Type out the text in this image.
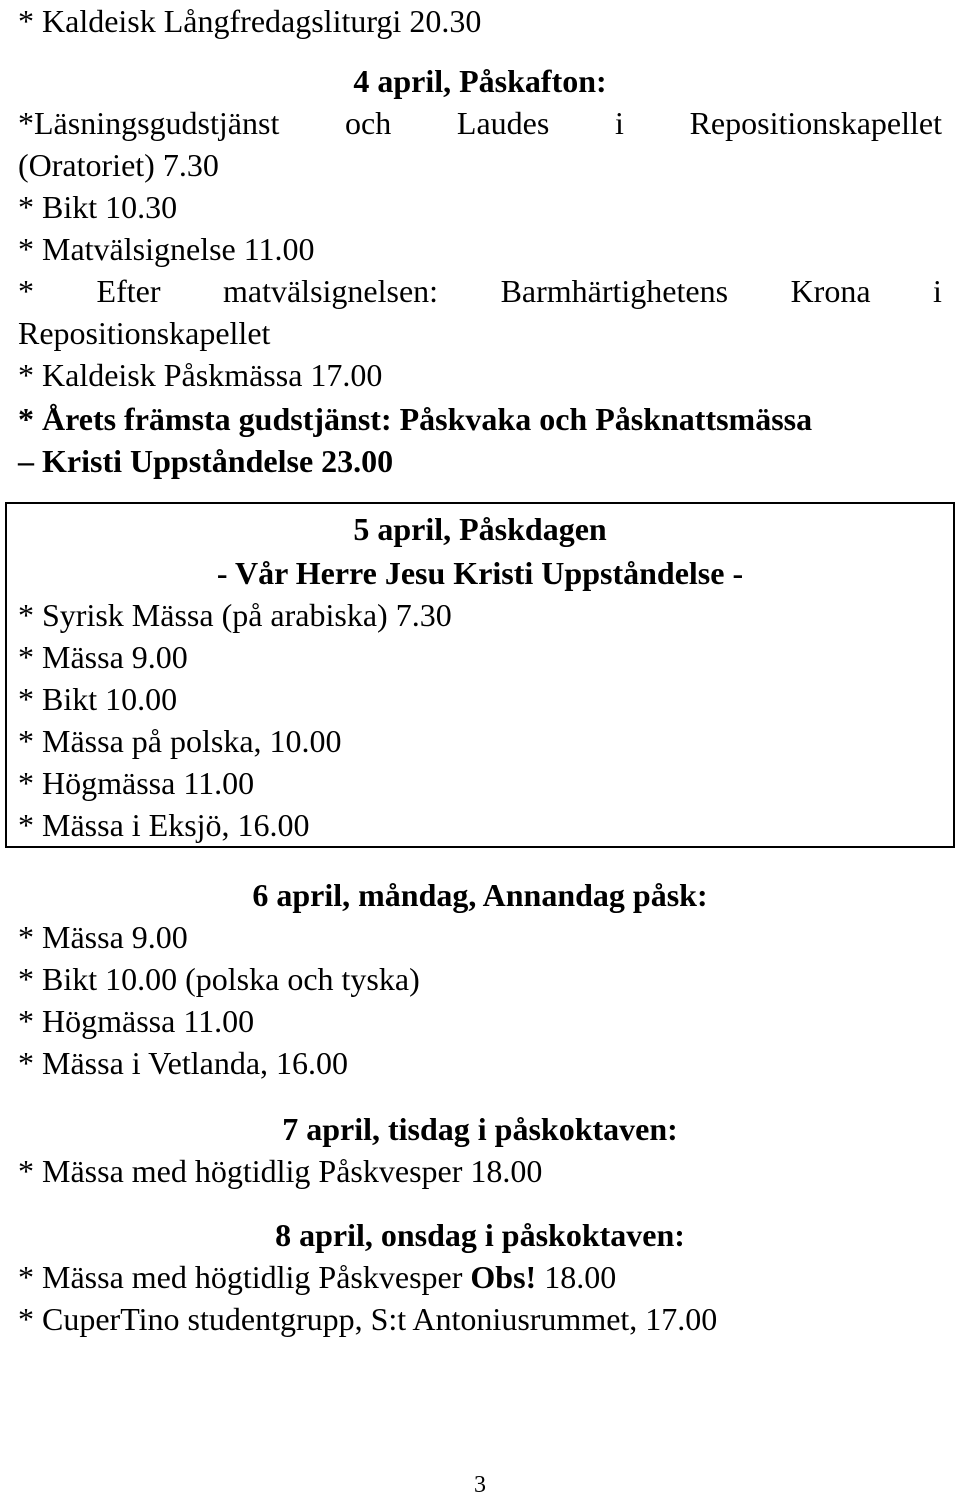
* Kaldeisk Långfredagsliturgi 20.30
4 april, Påskafton:
*Läsningsgudstjänst och Laudes i Repositionskapellet
(Oratoriet) 7.30
* Bikt 10.30
* Matvälsignelse 11.00
* Efter matvälsignelsen: Barmhärtighetens Krona i
Repositionskapellet
* Kaldeisk Påskmässa 17.00
* Årets främsta gudstjänst: Påskvaka och Påsknattsmässa
– Kristi Uppståndelse 23.00
5 april, Påskdagen
- Vår Herre Jesu Kristi Uppståndelse -
* Syrisk Mässa (på arabiska) 7.30
* Mässa 9.00
* Bikt 10.00
* Mässa på polska, 10.00
* Högmässa 11.00
* Mässa i Eksjö, 16.00
6 april, måndag, Annandag påsk:
* Mässa 9.00
* Bikt 10.00 (polska och tyska)
* Högmässa 11.00
* Mässa i Vetlanda, 16.00
7 april, tisdag i påskoktaven:
* Mässa med högtidlig Påskvesper 18.00
8 april, onsdag i påskoktaven:
* Mässa med högtidlig Påskvesper Obs! 18.00
* CuperTino studentgrupp, S:t Antoniusrummet, 17.00
3
